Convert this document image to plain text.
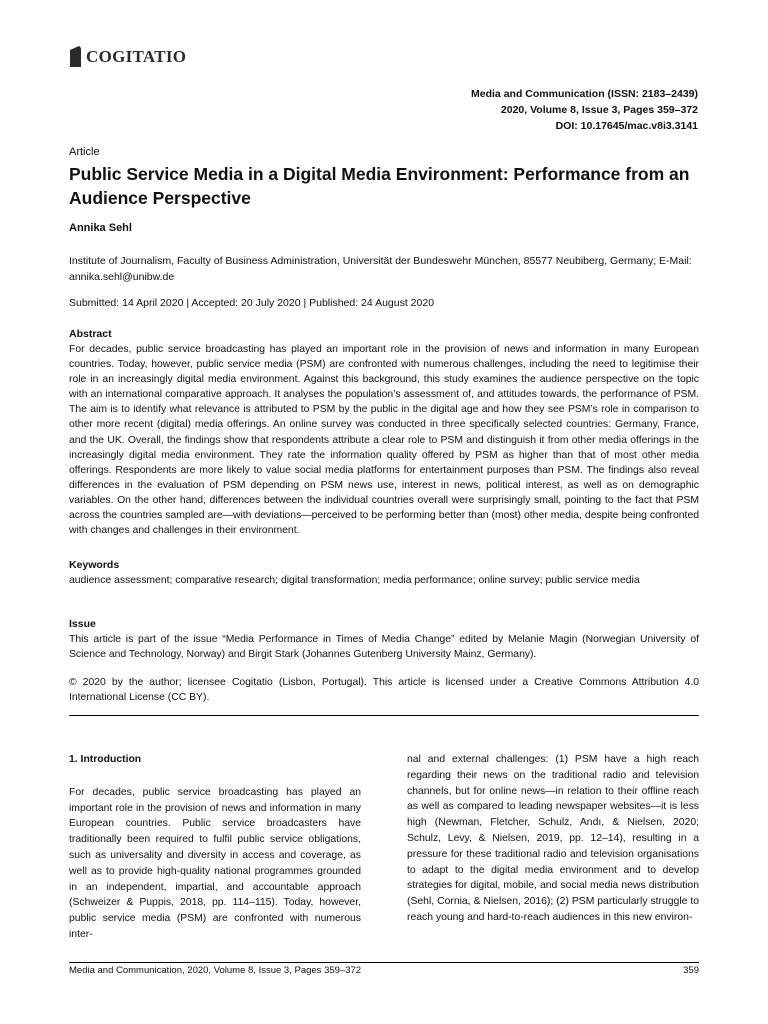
COGITATIO
Media and Communication (ISSN: 2183–2439)
2020, Volume 8, Issue 3, Pages 359–372
DOI: 10.17645/mac.v8i3.3141
Article
Public Service Media in a Digital Media Environment: Performance from an Audience Perspective
Annika Sehl
Institute of Journalism, Faculty of Business Administration, Universität der Bundeswehr München, 85577 Neubiberg, Germany; E-Mail: annika.sehl@unibw.de
Submitted: 14 April 2020 | Accepted: 20 July 2020 | Published: 24 August 2020

Abstract

For decades, public service broadcasting has played an important role in the provision of news and information in many European countries. Today, however, public service media (PSM) are confronted with numerous challenges, including the need to legitimise their role in an increasingly digital media environment. Against this background, this study examines the audience perspective on the topic with an international comparative approach. It analyses the population’s assessment of, and attitudes towards, the performance of PSM. The aim is to identify what relevance is attributed to PSM by the public in the digital age and how they see PSM’s role in comparison to other more recent (digital) media offerings. An online survey was conducted in three specifically selected countries: Germany, France, and the UK. Overall, the findings show that respondents attribute a clear role to PSM and distinguish it from other media offerings in the increasingly digital media environment. They rate the information quality offered by PSM as higher than that of most other media offerings. Respondents are more likely to value social media platforms for entertainment purposes than PSM. The findings also reveal differences in the evaluation of PSM depending on PSM news use, interest in news, political interest, as well as on demographic variables. On the other hand, differences between the individual countries overall were surprisingly small, pointing to the fact that PSM across the countries sampled are—with deviations—perceived to be performing better than (most) other media, despite being confronted with changes and challenges in their environment.

Keywords

audience assessment; comparative research; digital transformation; media performance; online survey; public service media

Issue

This article is part of the issue “Media Performance in Times of Media Change” edited by Melanie Magin (Norwegian University of Science and Technology, Norway) and Birgit Stark (Johannes Gutenberg University Mainz, Germany).

© 2020 by the author; licensee Cogitatio (Lisbon, Portugal). This article is licensed under a Creative Commons Attribution 4.0 International License (CC BY).

1. Introduction

For decades, public service broadcasting has played an important role in the provision of news and information in many European countries. Public service broadcasters have traditionally been required to fulfil public service obligations, such as universality and diversity in access and coverage, as well as to provide high-quality national programmes grounded in an independent, impartial, and accountable approach (Schweizer & Puppis, 2018, pp. 114–115). Today, however, public service media (PSM) are confronted with numerous inter-

nal and external challenges: (1) PSM have a high reach regarding their news on the traditional radio and television channels, but for online news—in relation to their offline reach as well as compared to leading newspaper websites—it is less high (Newman, Fletcher, Schulz, Andı, & Nielsen, 2020; Schulz, Levy, & Nielsen, 2019, pp. 12–14), resulting in a pressure for these traditional radio and television organisations to adapt to the digital media environment and to develop strategies for digital, mobile, and social media news distribution (Sehl, Cornia, & Nielsen, 2016); (2) PSM particularly struggle to reach young and hard-to-reach audiences in this new environ-

Media and Communication, 2020, Volume 8, Issue 3, Pages 359–372	359
